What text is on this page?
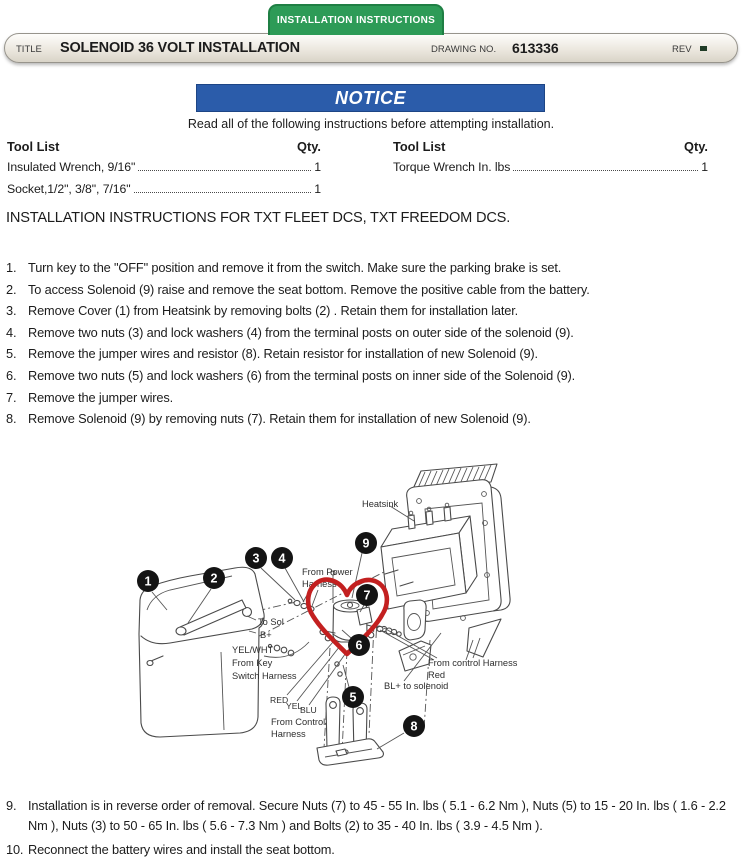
INSTALLATION INSTRUCTIONS
TITLE SOLENOID 36 VOLT INSTALLATION	DRAWING NO. 613336	REV
NOTICE
Read all of the following instructions before attempting installation.
Tool List	Qty.
Insulated Wrench, 9/16"	1
Socket,1/2", 3/8", 7/16"	1
Tool List	Qty.
Torque Wrench In. lbs	1
INSTALLATION INSTRUCTIONS FOR TXT FLEET DCS, TXT FREEDOM DCS.
1. Turn key to the "OFF" position and remove it from the switch. Make sure the parking brake is set.
2. To access Solenoid (9) raise and remove the seat bottom. Remove the positive cable from the battery.
3. Remove Cover (1) from Heatsink by removing bolts (2) . Retain them for installation later.
4. Remove two nuts (3) and lock washers (4) from the terminal posts on outer side of the solenoid (9).
5. Remove the jumper wires and resistor (8). Retain resistor for installation of new Solenoid (9).
6. Remove two nuts (5) and lock washers (6) from the terminal posts on inner side of the Solenoid (9).
7. Remove the jumper wires.
8. Remove Solenoid (9) by removing nuts (7). Retain them for installation of new Solenoid (9).
Heatsink
From Power
Harness
To Sol
B+
YEL/WHT
From Key
Switch Harness
RED
YEL
BLU
From Control
Harness
From control Harness
Red
BL+ to solenoid
1	2
3 4
5
6
7
8
9
9. Installation is in reverse order of removal. Secure Nuts (7) to 45 - 55 In. lbs ( 5.1 - 6.2 Nm ), Nuts (5) to 15 - 20 In. lbs ( 1.6 - 2.2 Nm ), Nuts (3) to 50 - 65 In. lbs ( 5.6 - 7.3 Nm ) and Bolts (2) to 35 - 40 In. lbs ( 3.9 - 4.5 Nm ).
10. Reconnect the battery wires and install the seat bottom.
